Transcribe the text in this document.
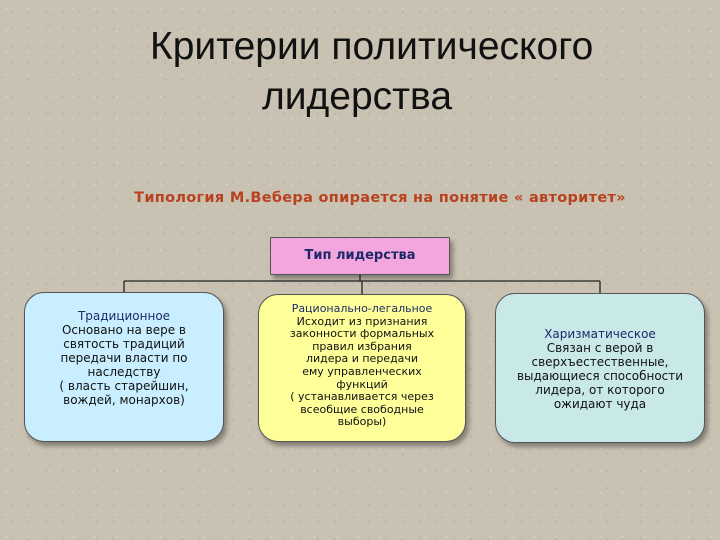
Критерии политического
лидерства
Типология М.Вебера опирается на понятие « авторитет»
Тип лидерства
Традиционное
Основано на вере в
святость традиций
передачи власти по
наследству
( власть старейшин,
вождей, монархов)
Рационально-легальное
Исходит из признания
законности формальных
правил избрания
лидера и передачи
ему управленческих
функций
( устанавливается через
всеобщие свободные
выборы)
Харизматическое
Связан с верой в
сверхъестественные,
выдающиеся способности
лидера, от которого
ожидают чуда
